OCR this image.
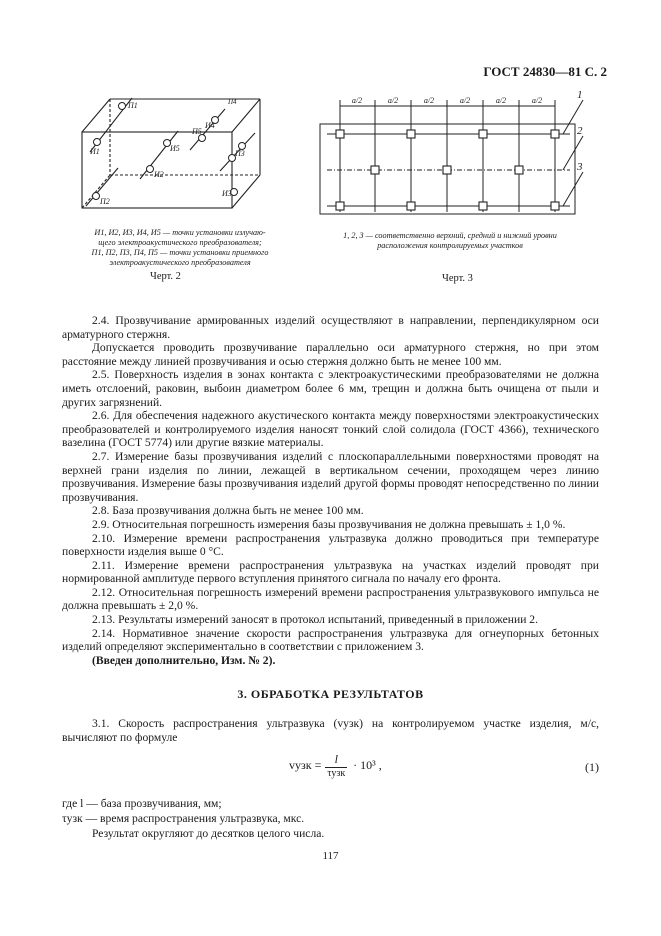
ГОСТ 24830—81 С. 2
П1
И1
И2
И5
П5
И4
П4
П2
П3
И3
И1, И2, И3, И4, И5 — точки установки излучаю-
щего электроакустического преобразователя;
П1, П2, П3, П4, П5 — точки установки приемного
электроакустического преобразователя
Черт. 2
a/2	a/2	a/2	a/2	a/2	a/2	1
2
3
1, 2, 3 — соответственно верхний, средний и нижний уровни
расположения контролируемых участков
Черт. 3

2.4. Прозвучивание армированных изделий осуществляют в направлении, перпендикулярном оси арматурного стержня.

Допускается проводить прозвучивание параллельно оси арматурного стержня, но при этом расстояние между линией прозвучивания и осью стержня должно быть не менее 100 мм.

2.5. Поверхность изделия в зонах контакта с электроакустическими преобразователями не должна иметь отслоений, раковин, выбоин диаметром более 6 мм, трещин и должна быть очищена от пыли и других загрязнений.

2.6. Для обеспечения надежного акустического контакта между поверхностями электроакустических преобразователей и контролируемого изделия наносят тонкий слой солидола (ГОСТ 4366), технического вазелина (ГОСТ 5774) или другие вязкие материалы.

2.7. Измерение базы прозвучивания изделий с плоскопараллельными поверхностями проводят на верхней грани изделия по линии, лежащей в вертикальном сечении, проходящем через линию прозвучивания. Измерение базы прозвучивания изделий другой формы проводят непосредственно по линии прозвучивания.

2.8. База прозвучивания должна быть не менее 100 мм.

2.9. Относительная погрешность измерения базы прозвучивания не должна превышать ± 1,0 %.

2.10. Измерение времени распространения ультразвука должно проводиться при температуре поверхности изделия выше 0 °С.

2.11. Измерение времени распространения ультразвука на участках изделий проводят при нормированной амплитуде первого вступления принятого сигнала по началу его фронта.

2.12. Относительная погрешность измерений времени распространения ультразвукового импульса не должна превышать ± 2,0 %.

2.13. Результаты измерений заносят в протокол испытаний, приведенный в приложении 2.

2.14. Нормативное значение скорости распространения ультразвука для огнеупорных бетонных изделий определяют экспериментально в соответствии с приложением 3.

(Введен дополнительно, Изм. № 2).

3. ОБРАБОТКА РЕЗУЛЬТАТОВ
3.1. Скорость распространения ультразвука (vузк) на контролируемом участке изделия, м/с, вычисляют по формуле
vузк =	l	· 10³ ,
τузк	(1)
где l — база прозвучивания, мм;
τузк — время распространения ультразвука, мкс.
Результат округляют до десятков целого числа.
117
